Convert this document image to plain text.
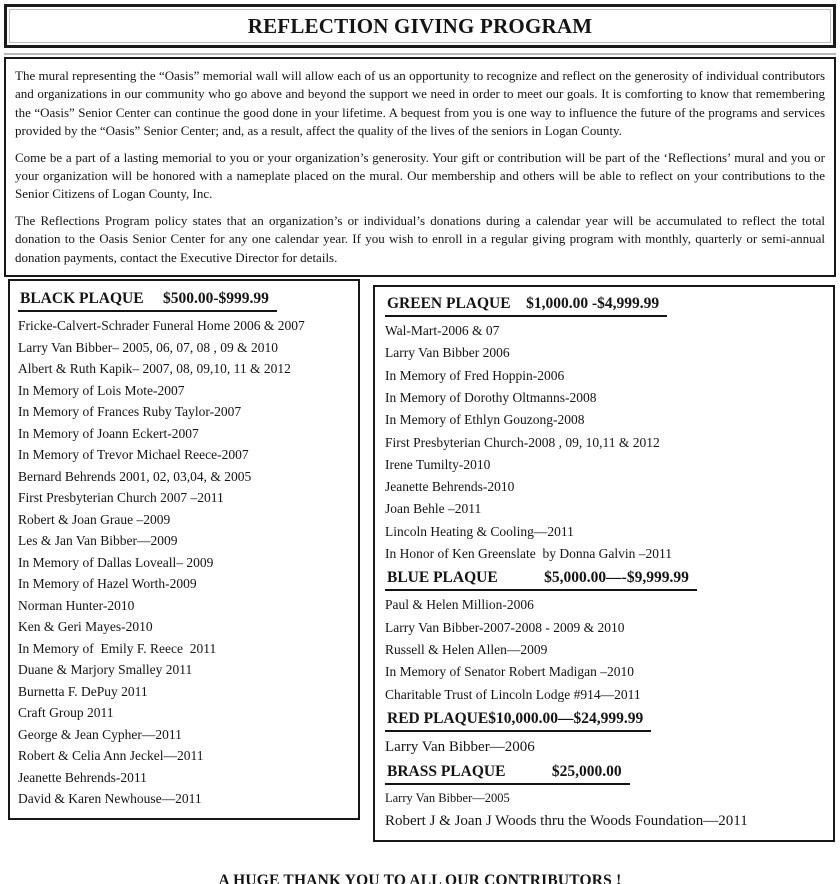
REFLECTION GIVING PROGRAM

The mural representing the “Oasis” memorial wall will allow each of us an opportunity to recognize and reflect on the generosity of individual contributors and organizations in our community who go above and beyond the support we need in order to meet our goals. It is comforting to know that remembering the “Oasis” Senior Center can continue the good done in your lifetime. A bequest from you is one way to influence the future of the programs and services provided by the “Oasis” Senior Center; and, as a result, affect the quality of the lives of the seniors in Logan County.

Come be a part of a lasting memorial to you or your organization’s generosity. Your gift or contribution will be part of the ‘Reflections’ mural and you or your organization will be honored with a nameplate placed on the mural. Our membership and others will be able to reflect on your contributions to the Senior Citizens of Logan County, Inc.

The Reflections Program policy states that an organization’s or individual’s donations during a calendar year will be accumulated to reflect the total donation to the Oasis Senior Center for any one calendar year. If you wish to enroll in a regular giving program with monthly, quarterly or semi-annual donation payments, contact the Executive Director for details.

BLACK PLAQUE     $500.00-$999.99
Fricke-Calvert-Schrader Funeral Home 2006 & 2007
Larry Van Bibber– 2005, 06, 07, 08 , 09 & 2010
Albert & Ruth Kapik– 2007, 08, 09,10, 11 & 2012
In Memory of Lois Mote-2007
In Memory of Frances Ruby Taylor-2007
In Memory of Joann Eckert-2007
In Memory of Trevor Michael Reece-2007
Bernard Behrends 2001, 02, 03,04, & 2005
First Presbyterian Church 2007 –2011
Robert & Joan Graue –2009
Les & Jan Van Bibber—2009
In Memory of Dallas Loveall– 2009
In Memory of Hazel Worth-2009
Norman Hunter-2010
Ken & Geri Mayes-2010
In Memory of  Emily F. Reece  2011
Duane & Marjory Smalley 2011
Burnetta F. DePuy 2011
Craft Group 2011
George & Jean Cypher—2011
Robert & Celia Ann Jeckel—2011
Jeanette Behrends-2011
David & Karen Newhouse—2011
GREEN PLAQUE    $1,000.00 -$4,999.99
Wal-Mart-2006 & 07
Larry Van Bibber 2006
In Memory of Fred Hoppin-2006
In Memory of Dorothy Oltmanns-2008
In Memory of Ethlyn Gouzong-2008
First Presbyterian Church-2008 , 09, 10,11 & 2012
Irene Tumilty-2010
Jeanette Behrends-2010
Joan Behle –2011
Lincoln Heating & Cooling—2011
In Honor of Ken Greenslate  by Donna Galvin –2011
BLUE PLAQUE            $5,000.00—-$9,999.99
Paul & Helen Million-2006
Larry Van Bibber-2007-2008 - 2009 & 2010
Russell & Helen Allen—2009
In Memory of Senator Robert Madigan –2010
Charitable Trust of Lincoln Lodge #914—2011
RED PLAQUE$10,000.00—$24,999.99
Larry Van Bibber—2006
BRASS PLAQUE            $25,000.00
Larry Van Bibber—2005
Robert J & Joan J Woods thru the Woods Foundation—2011
A HUGE THANK YOU TO ALL OUR CONTRIBUTORS !
